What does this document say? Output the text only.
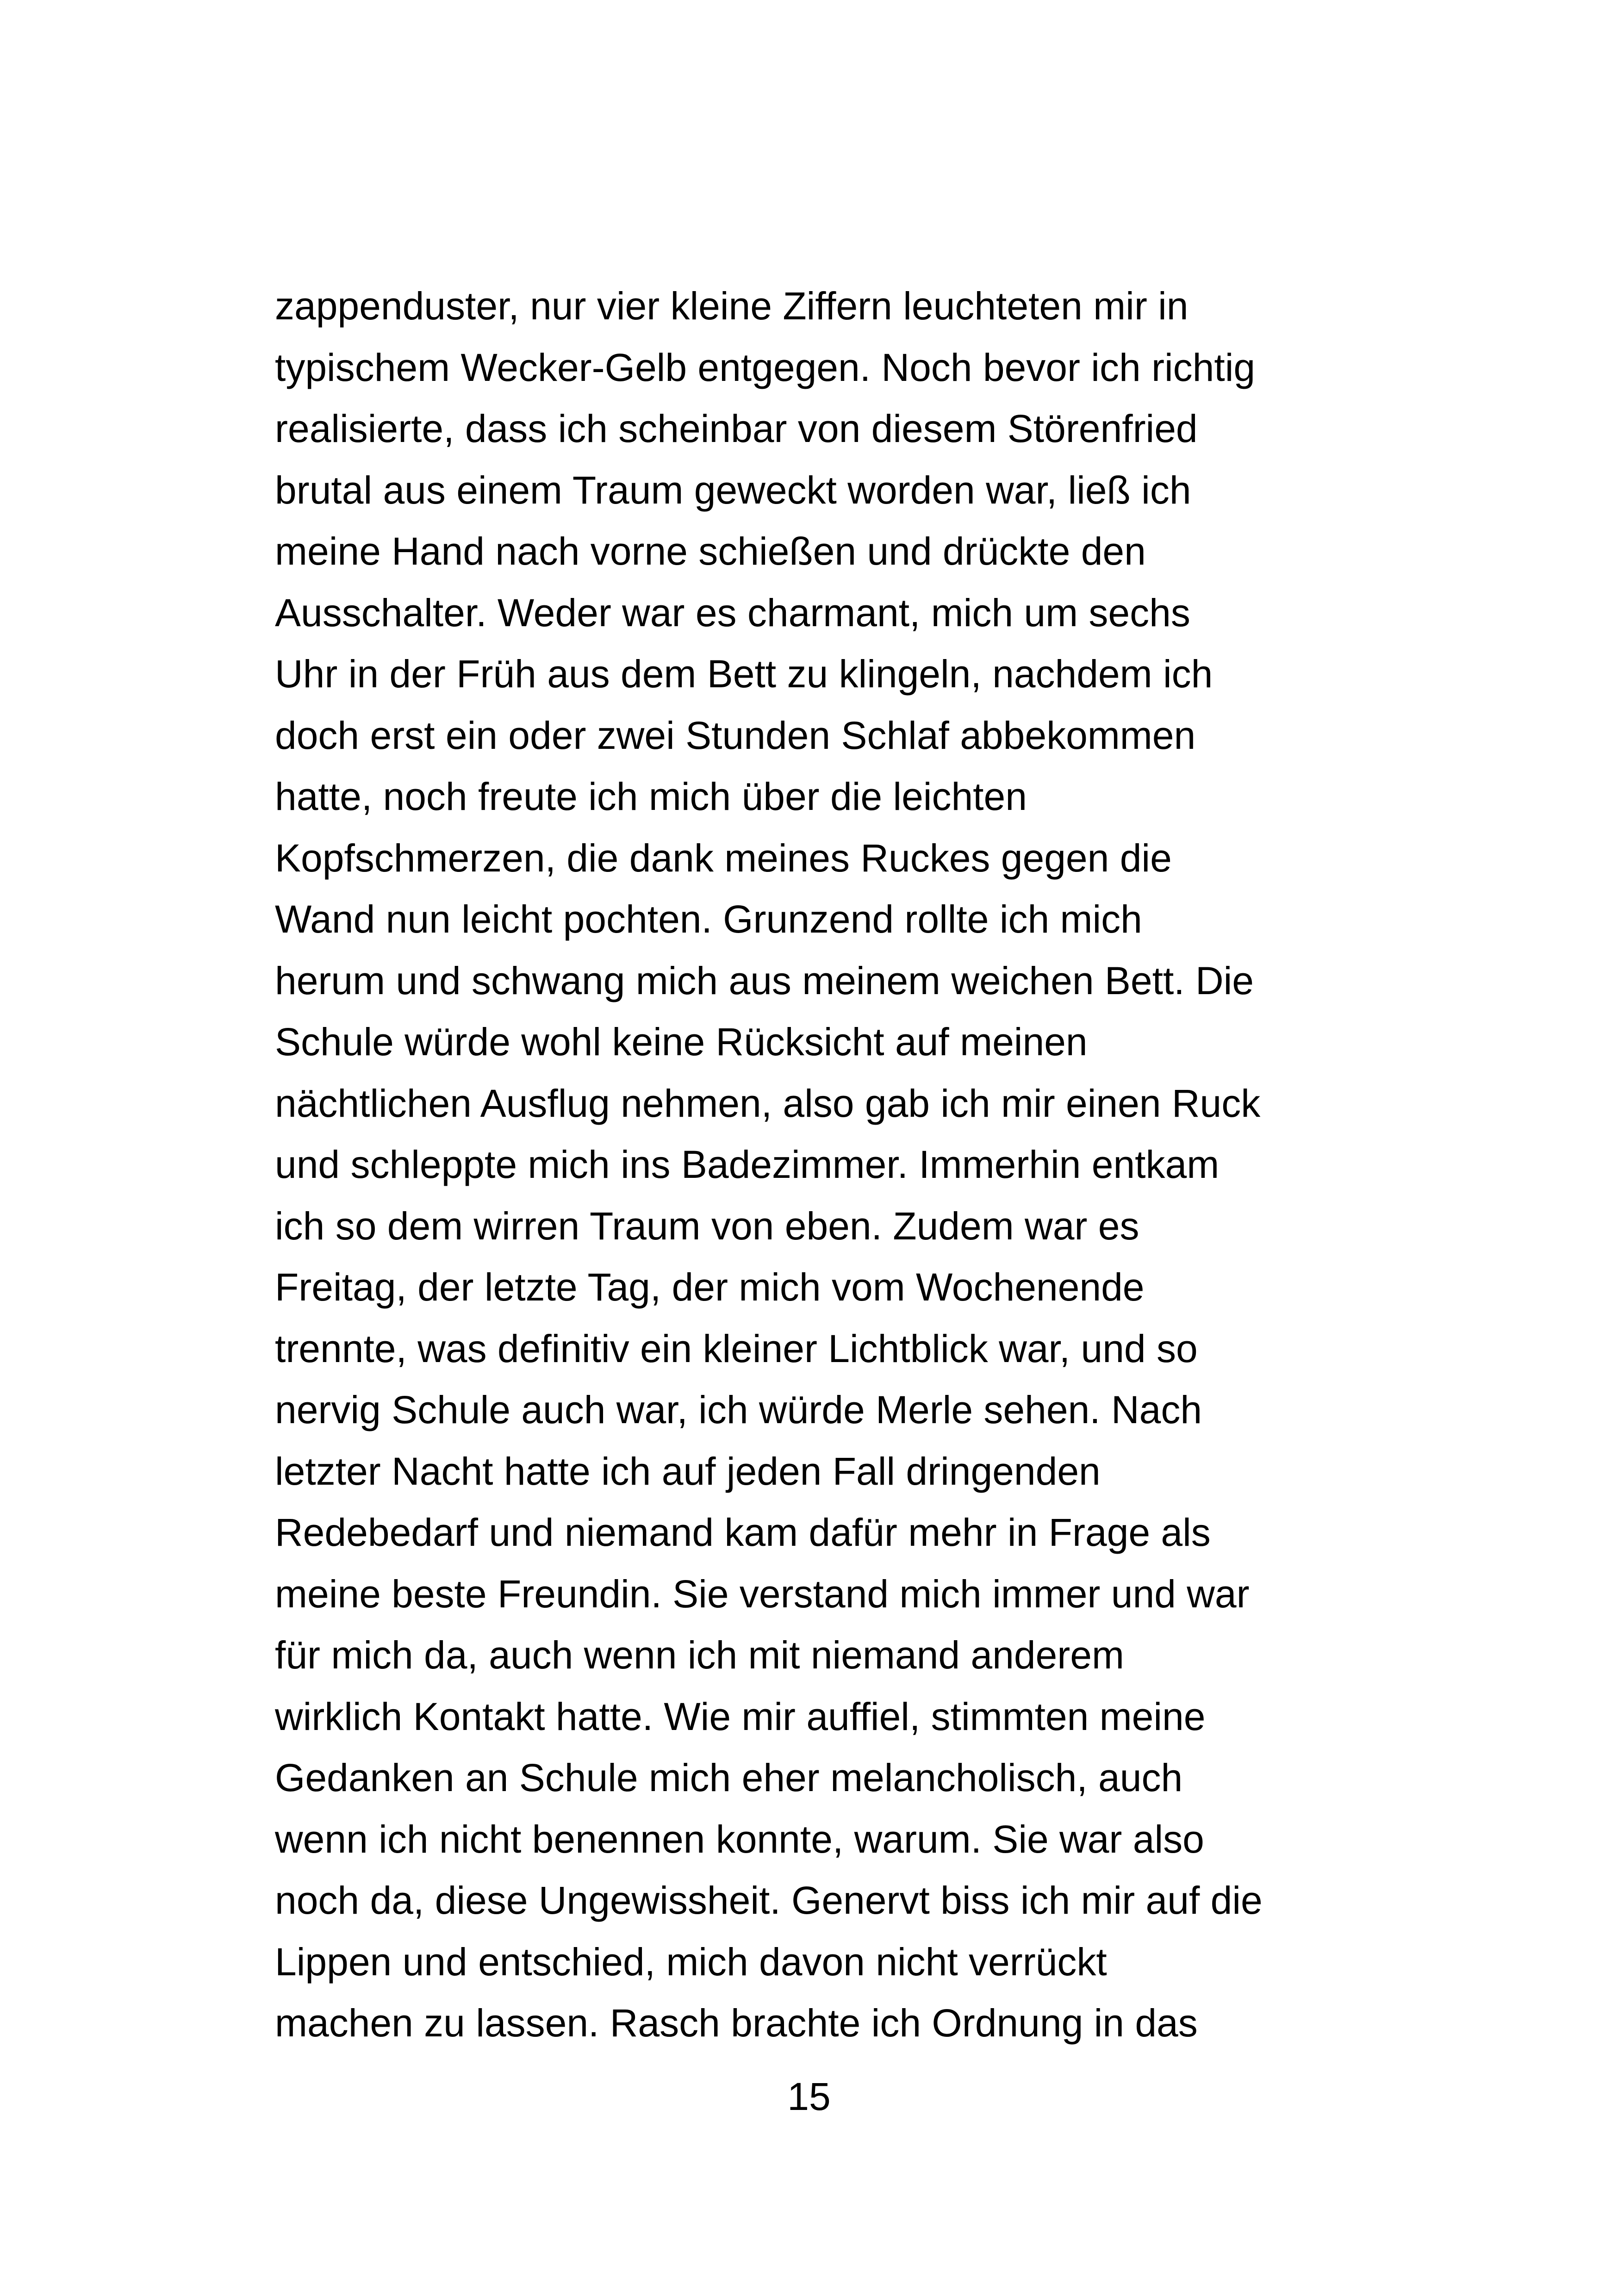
zappenduster, nur vier kleine Ziffern leuchteten mir in
typischem Wecker-Gelb entgegen. Noch bevor ich richtig
realisierte, dass ich scheinbar von diesem Störenfried
brutal aus einem Traum geweckt worden war, ließ ich
meine Hand nach vorne schießen und drückte den
Ausschalter. Weder war es charmant, mich um sechs
Uhr in der Früh aus dem Bett zu klingeln, nachdem ich
doch erst ein oder zwei Stunden Schlaf abbekommen
hatte, noch freute ich mich über die leichten
Kopfschmerzen, die dank meines Ruckes gegen die
Wand nun leicht pochten. Grunzend rollte ich mich
herum und schwang mich aus meinem weichen Bett. Die
Schule würde wohl keine Rücksicht auf meinen
nächtlichen Ausflug nehmen, also gab ich mir einen Ruck
und schleppte mich ins Badezimmer. Immerhin entkam
ich so dem wirren Traum von eben. Zudem war es
Freitag, der letzte Tag, der mich vom Wochenende
trennte, was definitiv ein kleiner Lichtblick war, und so
nervig Schule auch war, ich würde Merle sehen. Nach
letzter Nacht hatte ich auf jeden Fall dringenden
Redebedarf und niemand kam dafür mehr in Frage als
meine beste Freundin. Sie verstand mich immer und war
für mich da, auch wenn ich mit niemand anderem
wirklich Kontakt hatte. Wie mir auffiel, stimmten meine
Gedanken an Schule mich eher melancholisch, auch
wenn ich nicht benennen konnte, warum. Sie war also
noch da, diese Ungewissheit. Genervt biss ich mir auf die
Lippen und entschied, mich davon nicht verrückt
machen zu lassen. Rasch brachte ich Ordnung in das
15
